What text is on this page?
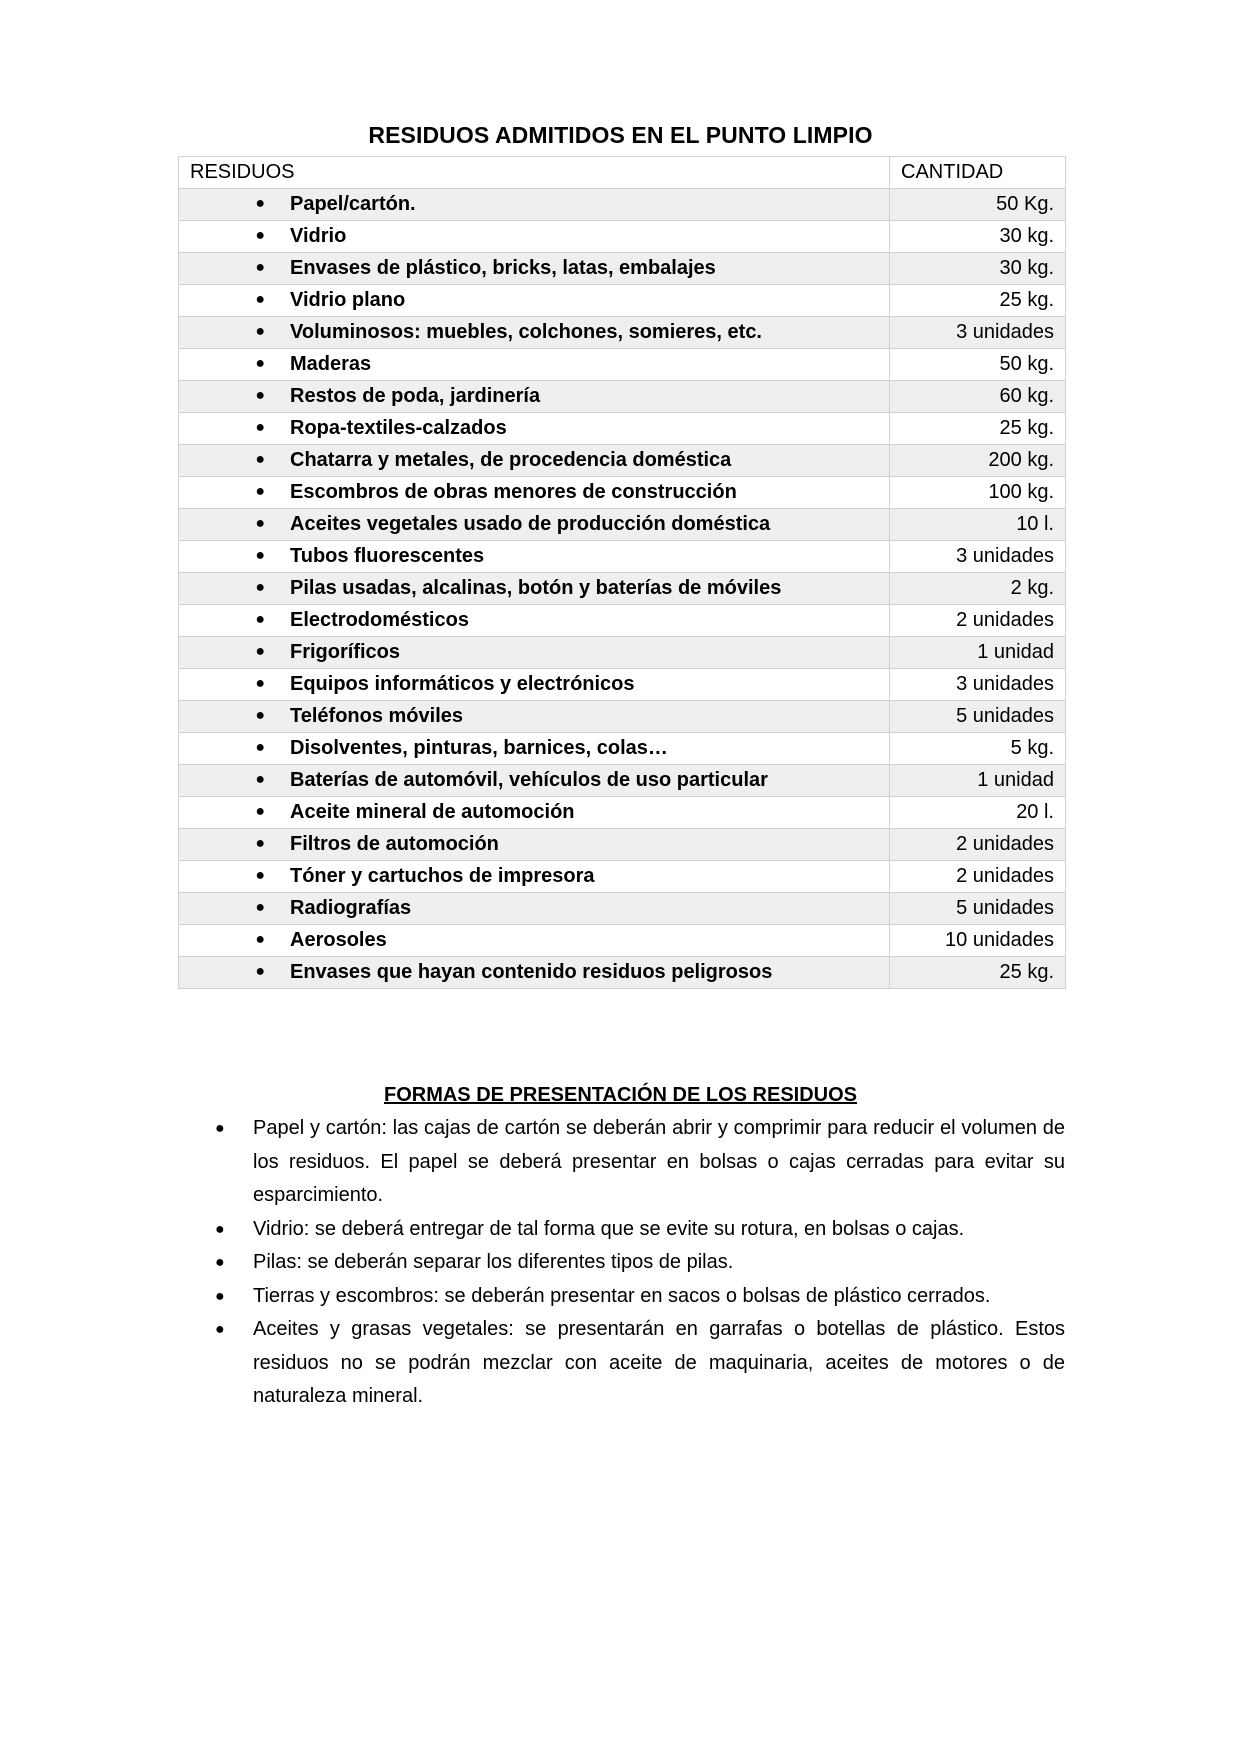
RESIDUOS ADMITIDOS EN EL PUNTO LIMPIO
RESIDUOS	CANTIDAD
● Papel/cartón.	50 Kg.
● Vidrio	30 kg.
● Envases de plástico, bricks, latas, embalajes	30 kg.
● Vidrio plano	25 kg.
● Voluminosos: muebles, colchones, somieres, etc.	3 unidades
● Maderas	50 kg.
● Restos de poda, jardinería	60 kg.
● Ropa-textiles-calzados	25 kg.
● Chatarra y metales, de procedencia doméstica	200 kg.
● Escombros de obras menores de construcción	100 kg.
● Aceites vegetales usado de producción doméstica	10 l.
● Tubos fluorescentes	3 unidades
● Pilas usadas, alcalinas, botón y baterías de móviles	2 kg.
● Electrodomésticos	2 unidades
● Frigoríficos	1 unidad
● Equipos informáticos y electrónicos	3 unidades
● Teléfonos móviles	5 unidades
● Disolventes, pinturas, barnices, colas…	5 kg.
● Baterías de automóvil, vehículos de uso particular	1 unidad
● Aceite mineral de automoción	20 l.
● Filtros de automoción	2 unidades
● Tóner y cartuchos de impresora	2 unidades
● Radiografías	5 unidades
● Aerosoles	10 unidades
● Envases que hayan contenido residuos peligrosos	25 kg.
FORMAS DE PRESENTACIÓN DE LOS RESIDUOS
● Papel y cartón: las cajas de cartón se deberán abrir y comprimir para reducir el volumen de los residuos. El papel se deberá presentar en bolsas o cajas cerradas para evitar su esparcimiento.
● Vidrio: se deberá entregar de tal forma que se evite su rotura, en bolsas o cajas.
● Pilas: se deberán separar los diferentes tipos de pilas.
● Tierras y escombros: se deberán presentar en sacos o bolsas de plástico cerrados.
● Aceites y grasas vegetales: se presentarán en garrafas o botellas de plástico. Estos residuos no se podrán mezclar con aceite de maquinaria, aceites de motores o de naturaleza mineral.
